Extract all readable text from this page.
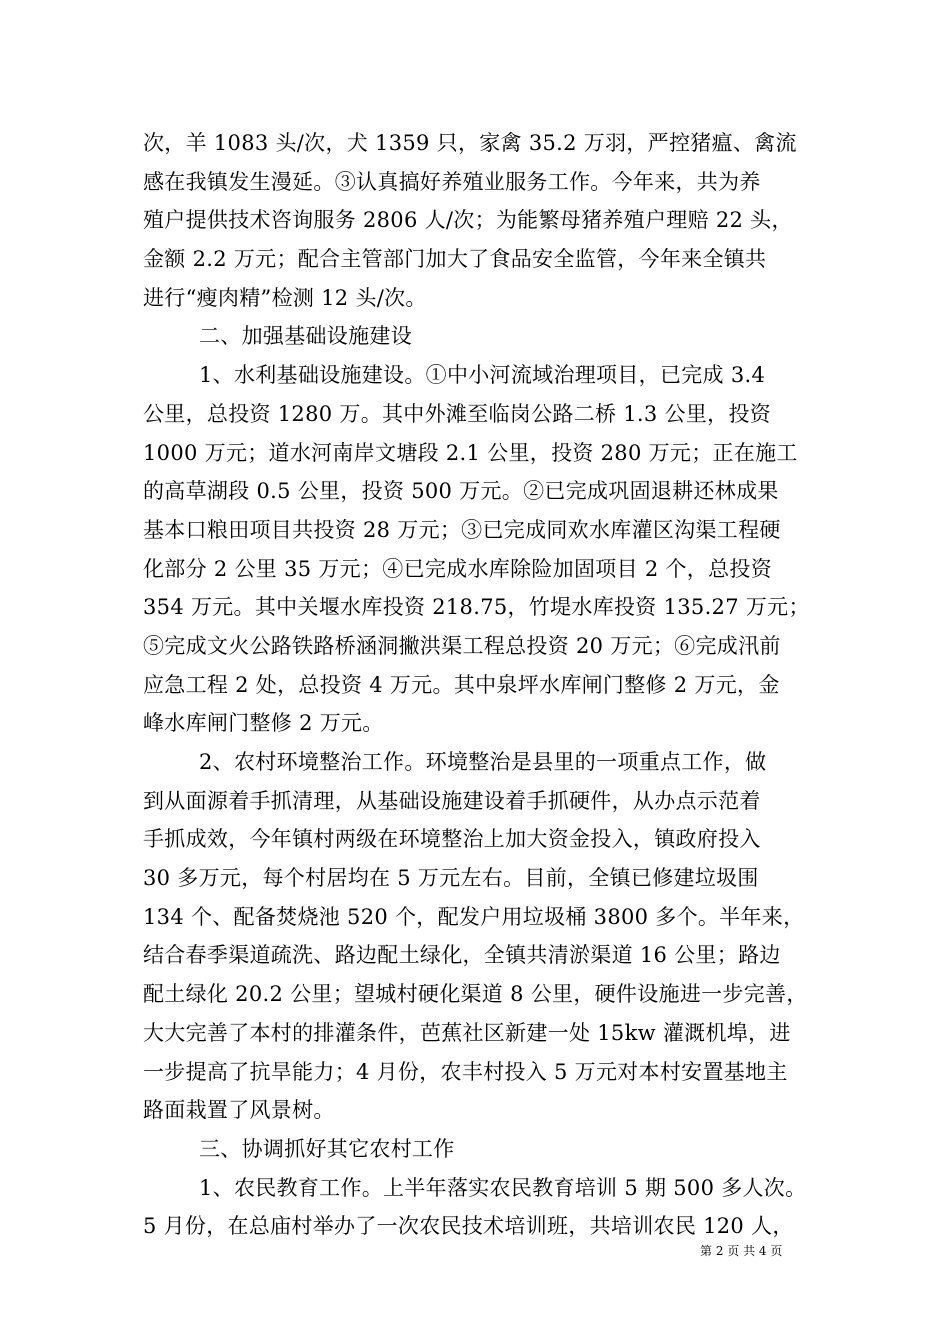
次，羊 1083 头/次，犬 1359 只，家禽 35.2 万羽，严控猪瘟、禽流
感在我镇发生漫延。③认真搞好养殖业服务工作。今年来，共为养
殖户提供技术咨询服务 2806 人/次；为能繁母猪养殖户理赔 22 头，
金额 2.2 万元；配合主管部门加大了食品安全监管，今年来全镇共
进行“瘦肉精”检测 12 头/次。
二、加强基础设施建设
1、水利基础设施建设。①中小河流域治理项目，已完成 3.4
公里，总投资 1280 万。其中外滩至临岗公路二桥 1.3 公里，投资
1000 万元；道水河南岸文塘段 2.1 公里，投资 280 万元；正在施工
的高草湖段 0.5 公里，投资 500 万元。②已完成巩固退耕还林成果
基本口粮田项目共投资 28 万元；③已完成同欢水库灌区沟渠工程硬
化部分 2 公里 35 万元；④已完成水库除险加固项目 2 个，总投资
354 万元。其中关堰水库投资 218.75，竹堤水库投资 135.27 万元；
⑤完成文火公路铁路桥涵洞撇洪渠工程总投资 20 万元；⑥完成汛前
应急工程 2 处，总投资 4 万元。其中泉坪水库闸门整修 2 万元，金
峰水库闸门整修 2 万元。
2、农村环境整治工作。环境整治是县里的一项重点工作，做
到从面源着手抓清理，从基础设施建设着手抓硬件，从办点示范着
手抓成效，今年镇村两级在环境整治上加大资金投入，镇政府投入
30 多万元，每个村居均在 5 万元左右。目前，全镇已修建垃圾围
134 个、配备焚烧池 520 个，配发户用垃圾桶 3800 多个。半年来，
结合春季渠道疏洗、路边配土绿化，全镇共清淤渠道 16 公里；路边
配土绿化 20.2 公里；望城村硬化渠道 8 公里，硬件设施进一步完善，
大大完善了本村的排灌条件，芭蕉社区新建一处 15kw 灌溉机埠，进
一步提高了抗旱能力；4 月份，农丰村投入 5 万元对本村安置基地主
路面栽置了风景树。
三、协调抓好其它农村工作
1、农民教育工作。上半年落实农民教育培训 5 期 500 多人次。
5 月份，在总庙村举办了一次农民技术培训班，共培训农民 120 人，
第 2 页 共 4 页
